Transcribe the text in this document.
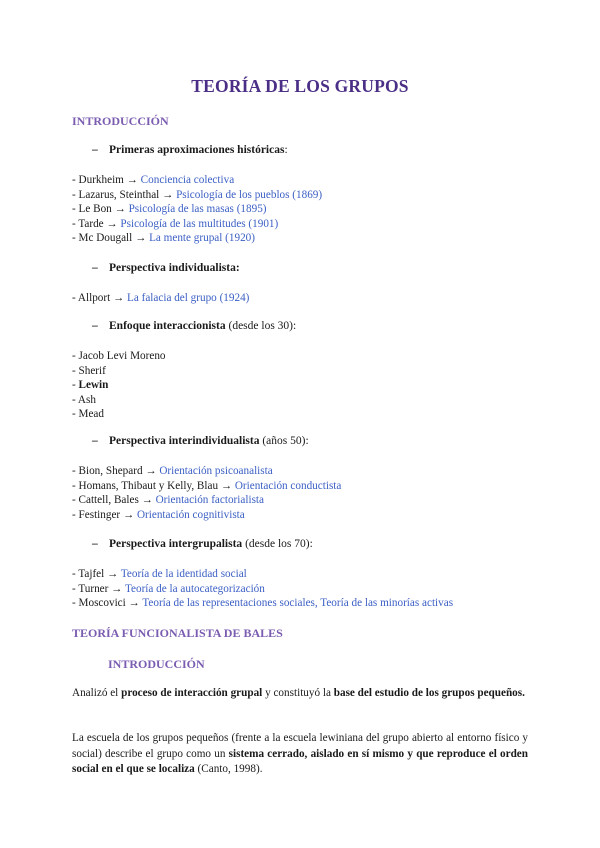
TEORÍA DE LOS GRUPOS
INTRODUCCIÓN
– Primeras aproximaciones históricas:
- Durkheim → Conciencia colectiva
- Lazarus, Steinthal → Psicología de los pueblos (1869)
- Le Bon → Psicología de las masas (1895)
- Tarde → Psicología de las multitudes (1901)
- Mc Dougall → La mente grupal (1920)
– Perspectiva individualista:
- Allport → La falacia del grupo (1924)
– Enfoque interaccionista (desde los 30):
- Jacob Levi Moreno
- Sherif
- Lewin
- Ash
- Mead
– Perspectiva interindividualista (años 50):
- Bion, Shepard → Orientación psicoanalista
- Homans, Thibaut y Kelly, Blau → Orientación conductista
- Cattell, Bales → Orientación factorialista
- Festinger → Orientación cognitivista
– Perspectiva intergrupalista (desde los 70):
- Tajfel → Teoría de la identidad social
- Turner → Teoría de la autocategorización
- Moscovici → Teoría de las representaciones sociales, Teoría de las minorías activas
TEORÍA FUNCIONALISTA DE BALES
INTRODUCCIÓN
Analizó el proceso de interacción grupal y constituyó la base del estudio de los grupos pequeños.
La escuela de los grupos pequeños (frente a la escuela lewiniana del grupo abierto al entorno físico y social) describe el grupo como un sistema cerrado, aislado en sí mismo y que reproduce el orden social en el que se localiza (Canto, 1998).
